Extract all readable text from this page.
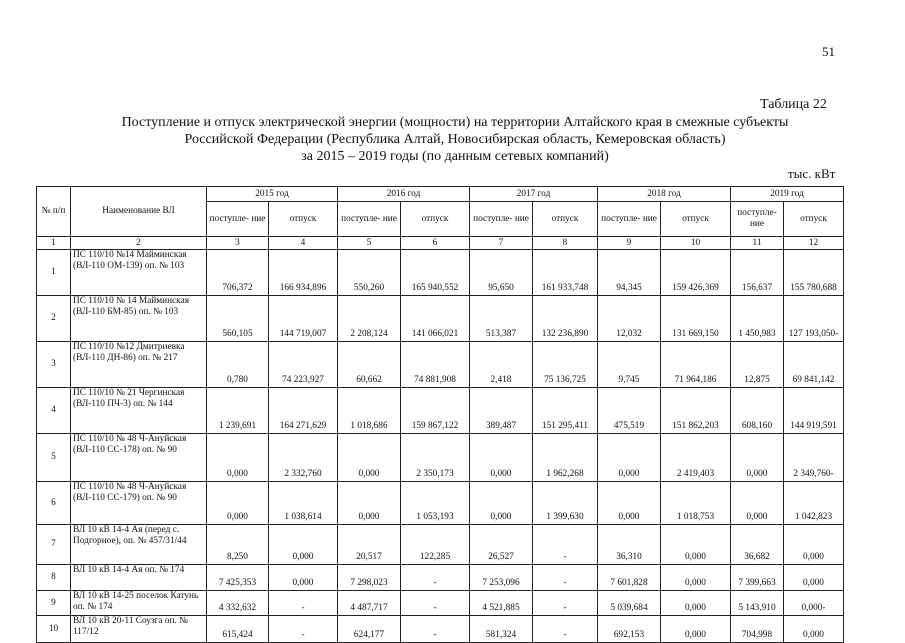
51
Таблица 22
Поступление и отпуск электрической энергии (мощности) на территории Алтайского края в смежные субъекты
Российской Федерации (Республика Алтай, Новосибирская область, Кемеровская область)
за 2015 – 2019 годы (по данным сетевых компаний)
тыс. кВт
№ п/п	Наименование ВЛ	2015 год		2016 год		2017 год		2018 год		2019 год	
		поступле- ние	отпуск	поступле- ние	отпуск	поступле- ние	отпуск	поступле- ние	отпуск	поступле- ние	отпуск
1	2	3	4	5	6	7	8	9	10	11	12
1	ПС 110/10 №14 Майминская (ВЛ-110 ОМ-139) оп. № 103	706,372	166 934,896	550,260	165 940,552	95,650	161 933,748	94,345	159 426,369	156,637	155 780,688
2	ПС 110/10 № 14 Майминская (ВЛ-110 БМ-85) оп. № 103	560,105	144 719,007	2 208,124	141 066,021	513,387	132 236,890	12,032	131 669,150	1 450,983	127 193,050-
3	ПС 110/10 №12 Дмитриевка (ВЛ-110 ДН-86) оп. № 217	0,780	74 223,927	60,662	74 881,908	2,418	75 136,725	9,745	71 964,186	12,875	69 841,142
4	ПС 110/10 № 21 Чергинская (ВЛ-110 ПЧ-3) оп. № 144	1 239,691	164 271,629	1 018,686	159 867,122	389,487	151 295,411	475,519	151 862,203	608,160	144 919,591
5	ПС 110/10 № 48 Ч-Ануйская (ВЛ-110 СС-178) оп. № 90	0,000	2 332,760	0,000	2 350,173	0,000	1 962,268	0,000	2 419,403	0,000	2 349,760-
6	ПС 110/10 № 48 Ч-Ануйская (ВЛ-110 СС-179) оп. № 90	0,000	1 038,614	0,000	1 053,193	0,000	1 399,630	0,000	1 018,753	0,000	1 042,823
7	ВЛ 10 кВ 14-4 Ая (перед с. Подгорное), оп. № 457/31/44	8,250	0,000	20,517	122,285	26,527	-	36,310	0,000	36,682	0,000
8	ВЛ 10 кВ 14-4 Ая оп. № 174	7 425,353	0,000	7 298,023	-	7 253,096	-	7 601,828	0,000	7 399,663	0,000
9	ВЛ 10 кВ 14-25 поселок Катунь оп. № 174	4 332,632	-	4 487,717	-	4 521,885	-	5 039,684	0,000	5 143,910	0,000-
10	ВЛ 10 кВ 20-11 Соузга оп. № 117/12	615,424	-	624,177	-	581,324	-	692,153	0,000	704,998	0,000
